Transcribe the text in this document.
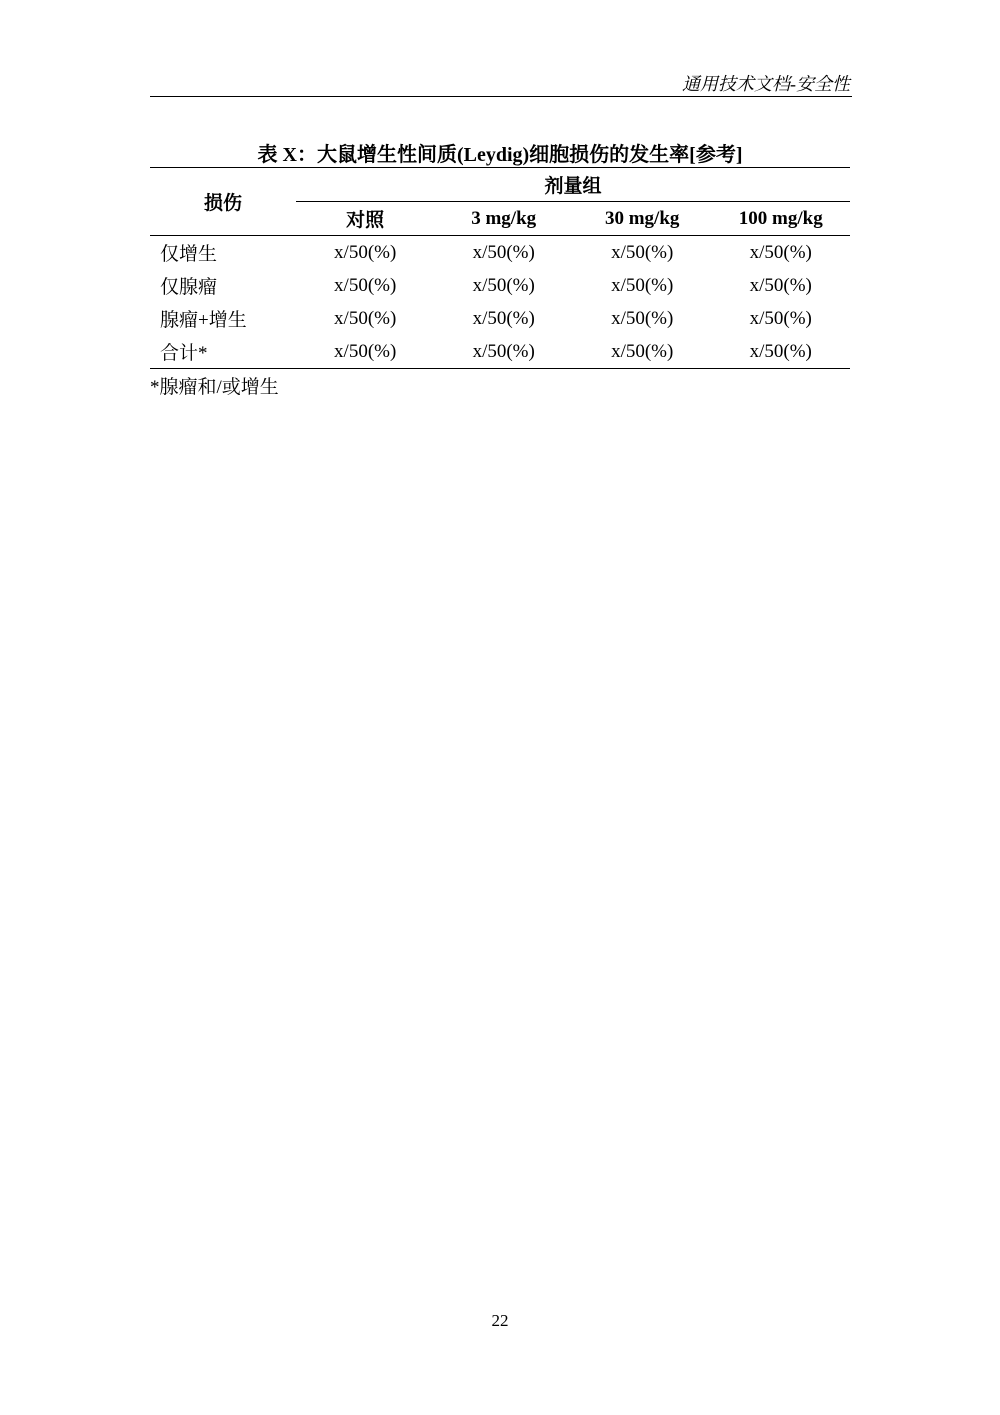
通用技术文档-安全性
表 X：大鼠增生性间质(Leydig)细胞损伤的发生率[参考]
损伤	剂量组			
	对照	3 mg/kg	30 mg/kg	100 mg/kg
仅增生	x/50(%)	x/50(%)	x/50(%)	x/50(%)
仅腺瘤	x/50(%)	x/50(%)	x/50(%)	x/50(%)
腺瘤+增生	x/50(%)	x/50(%)	x/50(%)	x/50(%)
合计*	x/50(%)	x/50(%)	x/50(%)	x/50(%)
*腺瘤和/或增生
22
